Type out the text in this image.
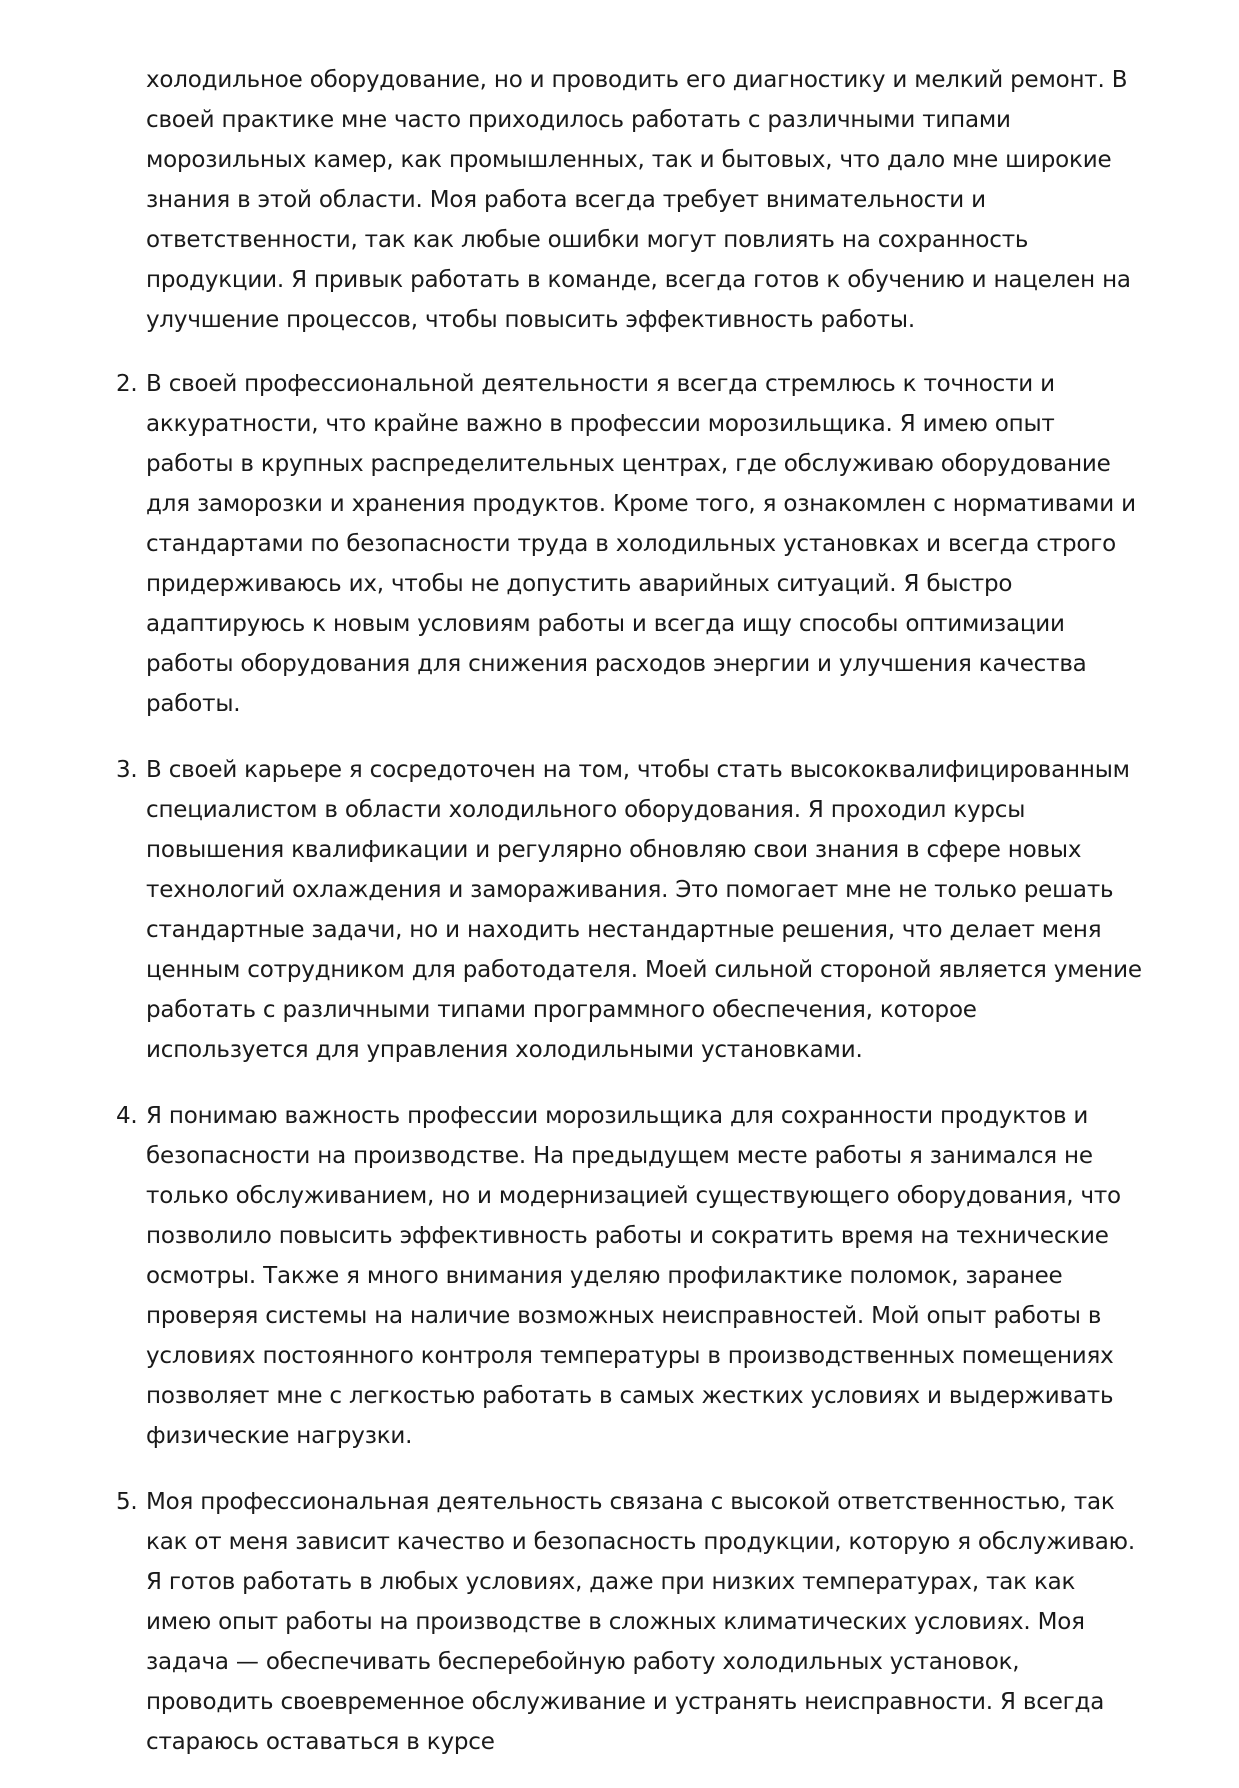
холодильное оборудование, но и проводить его диагностику и мелкий ремонт. В своей практике мне часто приходилось работать с различными типами морозильных камер, как промышленных, так и бытовых, что дало мне широкие знания в этой области. Моя работа всегда требует внимательности и ответственности, так как любые ошибки могут повлиять на сохранность продукции. Я привык работать в команде, всегда готов к обучению и нацелен на улучшение процессов, чтобы повысить эффективность работы.

2. В своей профессиональной деятельности я всегда стремлюсь к точности и аккуратности, что крайне важно в профессии морозильщика. Я имею опыт работы в крупных распределительных центрах, где обслуживаю оборудование для заморозки и хранения продуктов. Кроме того, я ознакомлен с нормативами и стандартами по безопасности труда в холодильных установках и всегда строго придерживаюсь их, чтобы не допустить аварийных ситуаций. Я быстро адаптируюсь к новым условиям работы и всегда ищу способы оптимизации работы оборудования для снижения расходов энергии и улучшения качества работы.

3. В своей карьере я сосредоточен на том, чтобы стать высококвалифицированным специалистом в области холодильного оборудования. Я проходил курсы повышения квалификации и регулярно обновляю свои знания в сфере новых технологий охлаждения и замораживания. Это помогает мне не только решать стандартные задачи, но и находить нестандартные решения, что делает меня ценным сотрудником для работодателя. Моей сильной стороной является умение работать с различными типами программного обеспечения, которое используется для управления холодильными установками.

4. Я понимаю важность профессии морозильщика для сохранности продуктов и безопасности на производстве. На предыдущем месте работы я занимался не только обслуживанием, но и модернизацией существующего оборудования, что позволило повысить эффективность работы и сократить время на технические осмотры. Также я много внимания уделяю профилактике поломок, заранее проверяя системы на наличие возможных неисправностей. Мой опыт работы в условиях постоянного контроля температуры в производственных помещениях позволяет мне с легкостью работать в самых жестких условиях и выдерживать физические нагрузки.

5. Моя профессиональная деятельность связана с высокой ответственностью, так как от меня зависит качество и безопасность продукции, которую я обслуживаю. Я готов работать в любых условиях, даже при низких температурах, так как имею опыт работы на производстве в сложных климатических условиях. Моя задача — обеспечивать бесперебойную работу холодильных установок, проводить своевременное обслуживание и устранять неисправности. Я всегда стараюсь оставаться в курсе
